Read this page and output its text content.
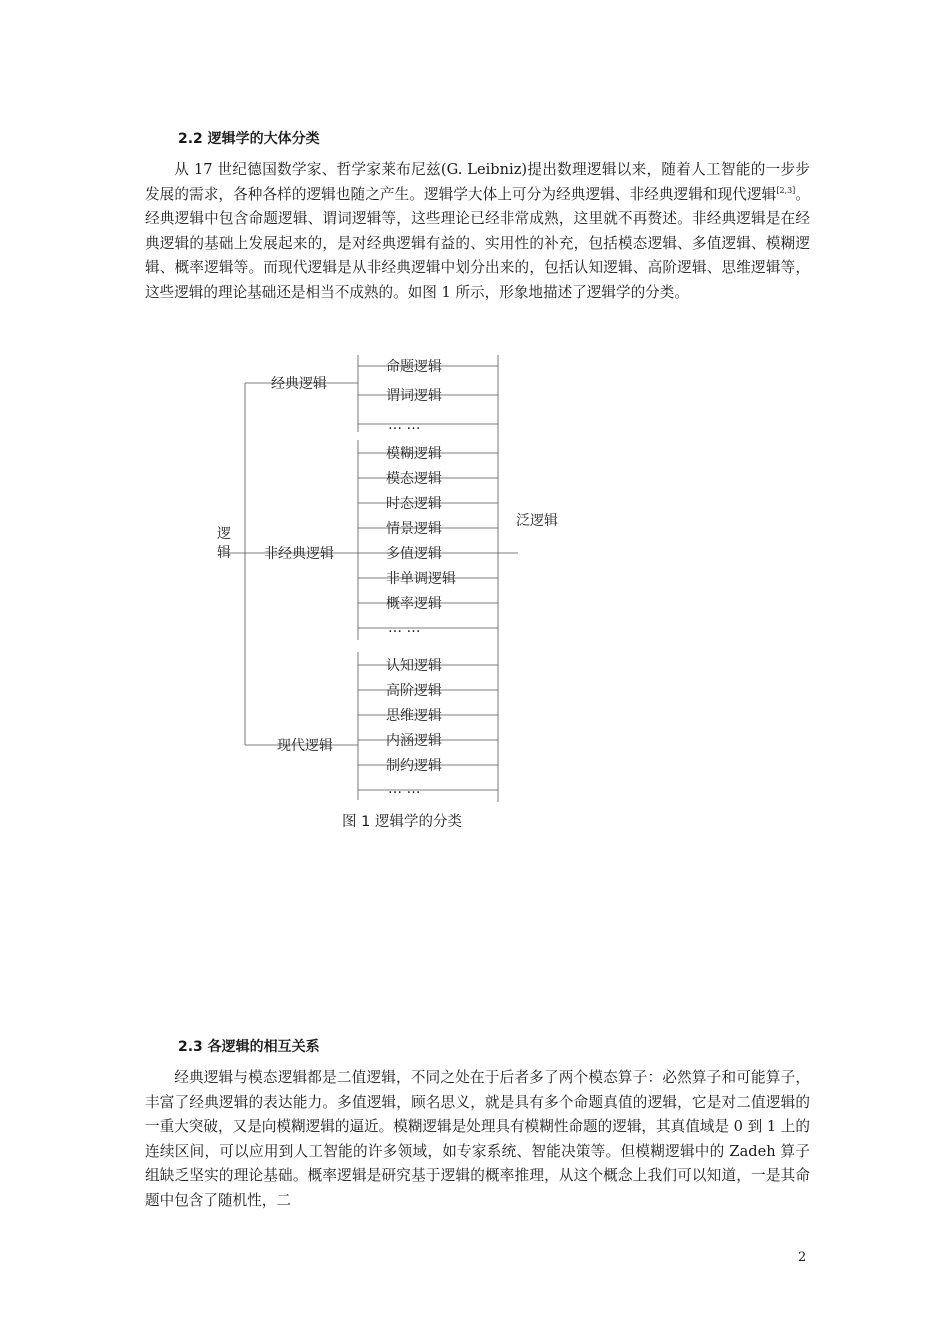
2.2 逻辑学的大体分类

从 17 世纪德国数学家、哲学家莱布尼兹(G. Leibniz)提出数理逻辑以来，随着人工智能的一步步发展的需求，各种各样的逻辑也随之产生。逻辑学大体上可分为经典逻辑、非经典逻辑和现代逻辑[2,3]。经典逻辑中包含命题逻辑、谓词逻辑等，这些理论已经非常成熟，这里就不再赘述。非经典逻辑是在经典逻辑的基础上发展起来的，是对经典逻辑有益的、实用性的补充，包括模态逻辑、多值逻辑、模糊逻辑、概率逻辑等。而现代逻辑是从非经典逻辑中划分出来的，包括认知逻辑、高阶逻辑、思维逻辑等，这些逻辑的理论基础还是相当不成熟的。如图 1 所示，形象地描述了逻辑学的分类。

逻
辑
经典逻辑
非经典逻辑
现代逻辑
命题逻辑
谓词逻辑
… …
模糊逻辑
模态逻辑
时态逻辑
情景逻辑
多值逻辑
非单调逻辑
概率逻辑
… …
认知逻辑
高阶逻辑
思维逻辑
内涵逻辑
制约逻辑
… …
泛逻辑
图 1 逻辑学的分类
2.3 各逻辑的相互关系

经典逻辑与模态逻辑都是二值逻辑，不同之处在于后者多了两个模态算子：必然算子和可能算子，丰富了经典逻辑的表达能力。多值逻辑，顾名思义，就是具有多个命题真值的逻辑，它是对二值逻辑的一重大突破，又是向模糊逻辑的逼近。模糊逻辑是处理具有模糊性命题的逻辑，其真值域是 0 到 1 上的连续区间，可以应用到人工智能的许多领域，如专家系统、智能决策等。但模糊逻辑中的 Zadeh 算子组缺乏坚实的理论基础。概率逻辑是研究基于逻辑的概率推理，从这个概念上我们可以知道，一是其命题中包含了随机性，二

2
